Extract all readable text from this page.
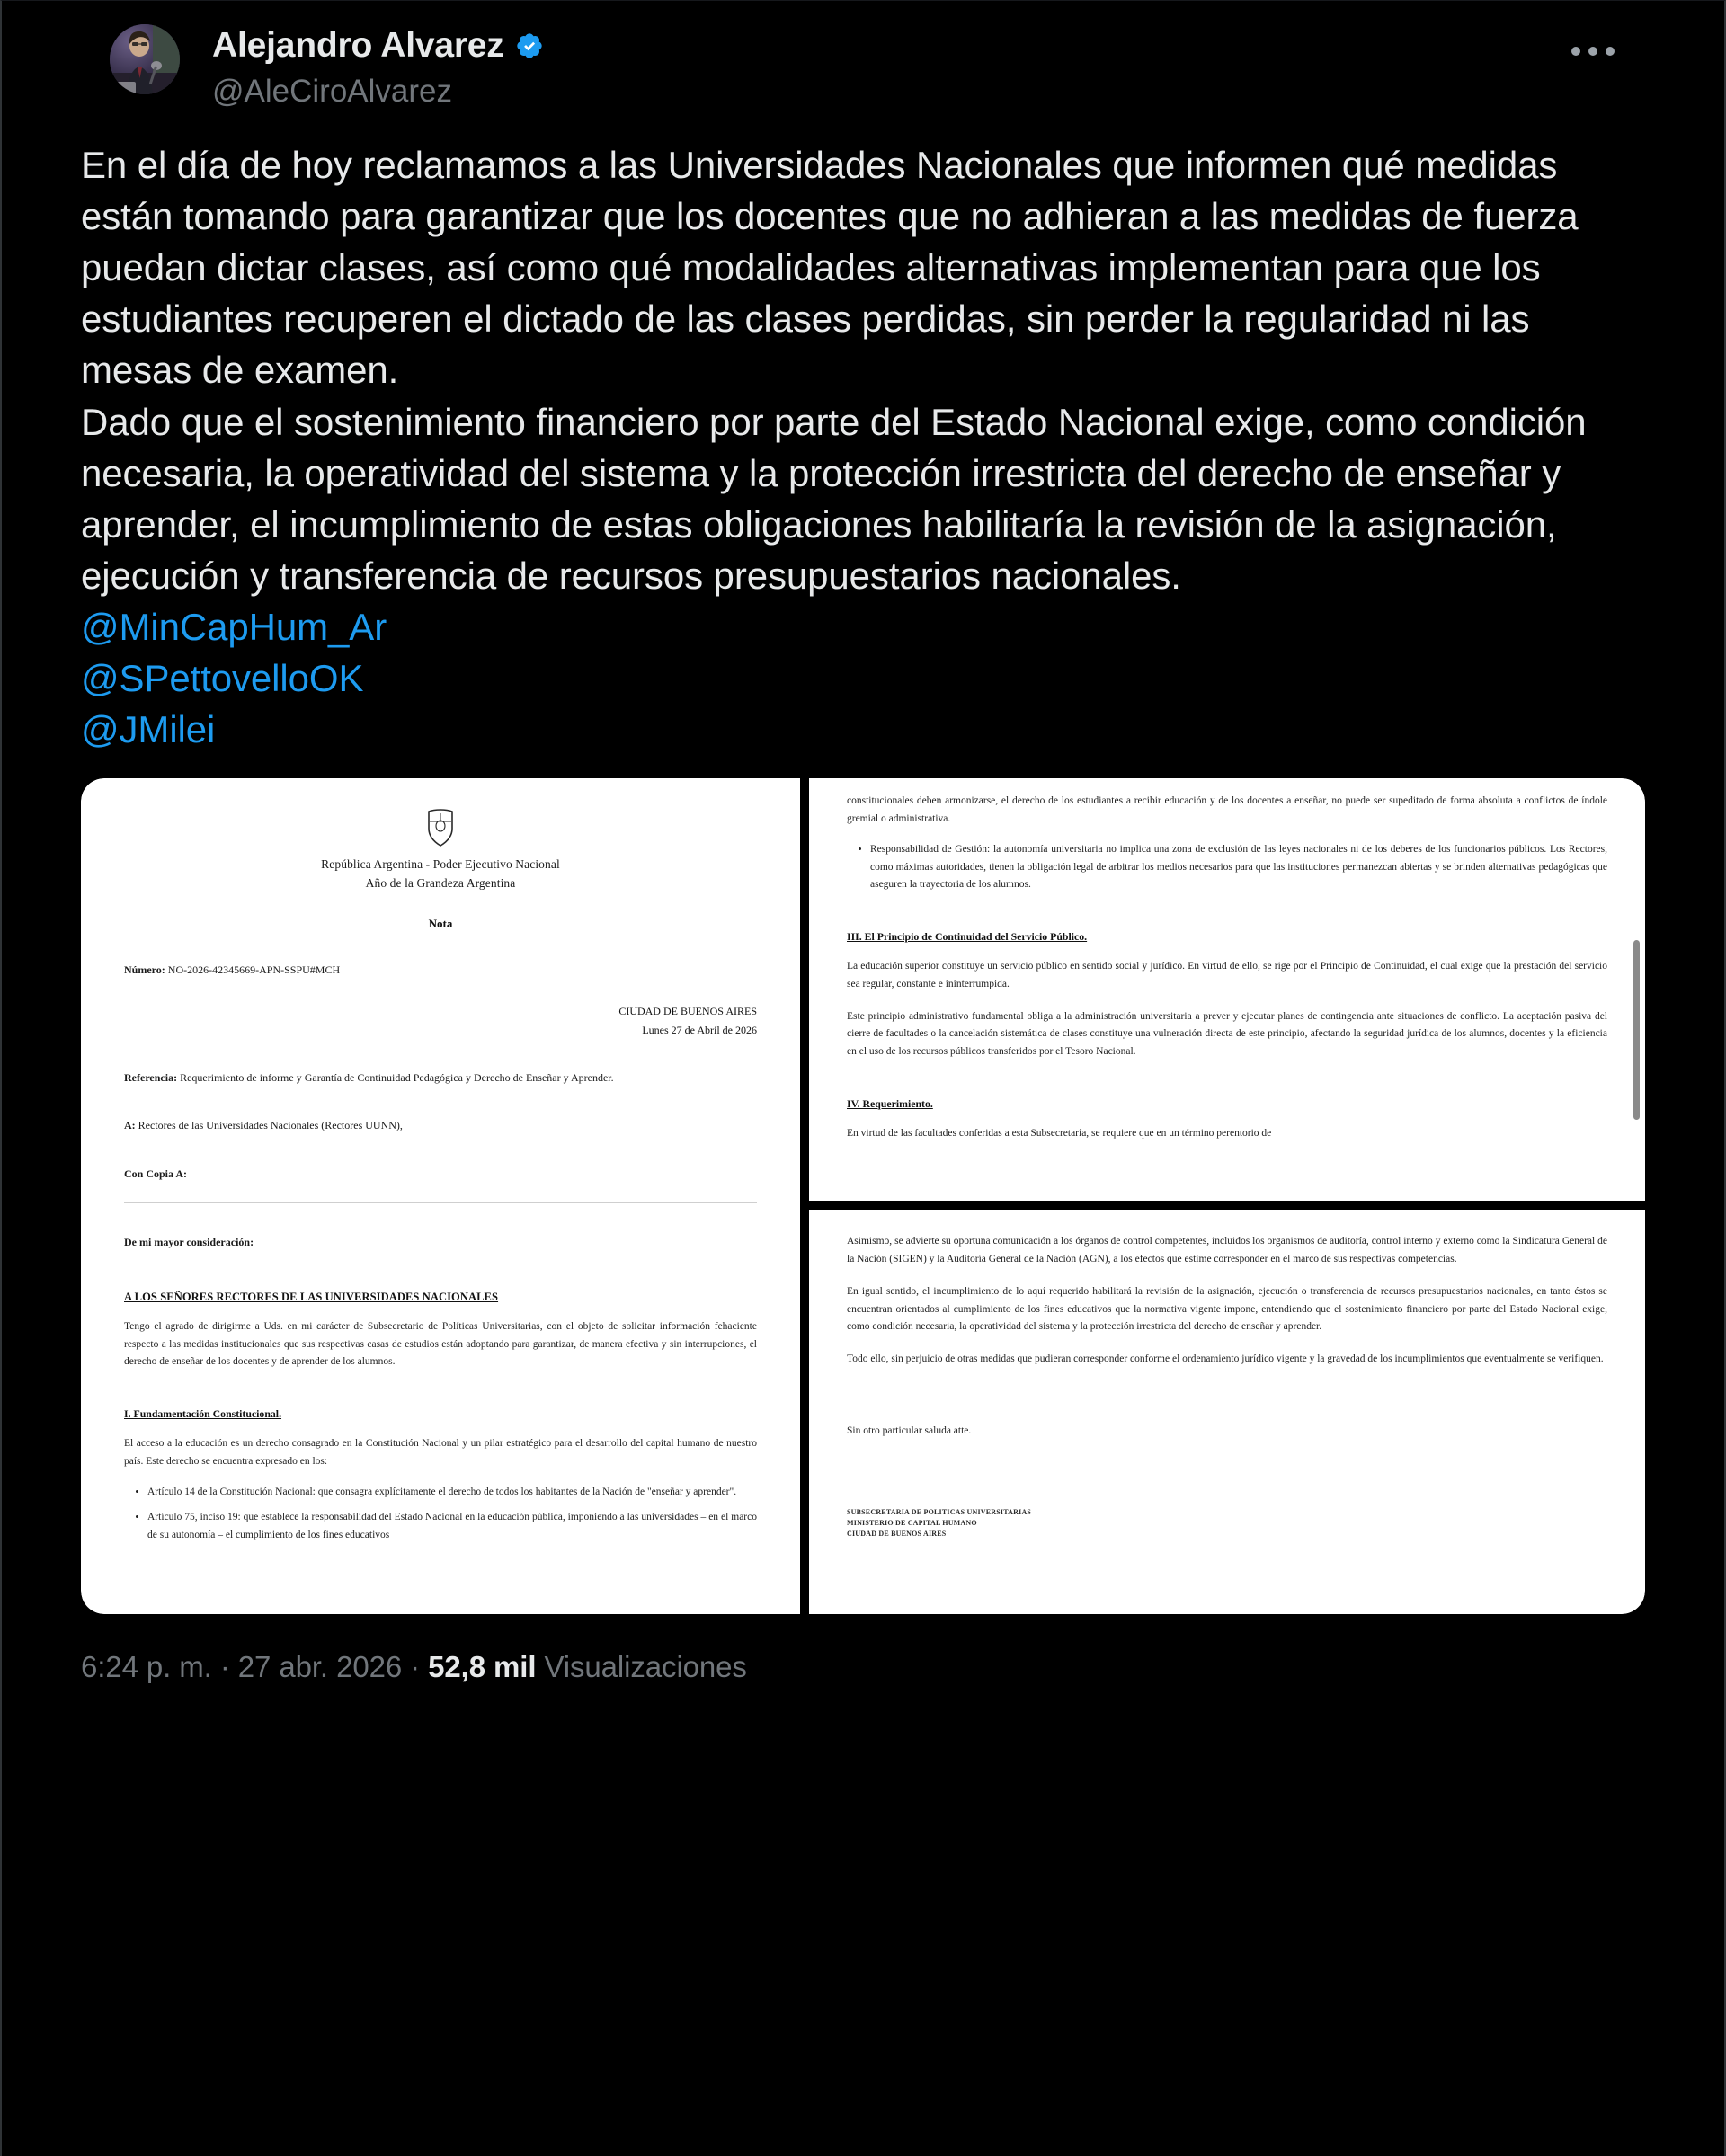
Alejandro Alvarez
@AleCiroAlvarez

En el día de hoy reclamamos a las Universidades Nacionales que informen qué medidas están tomando para garantizar que los docentes que no adhieran a las medidas de fuerza puedan dictar clases, así como qué modalidades alternativas implementan para que los estudiantes recuperen el dictado de las clases perdidas, sin perder la regularidad ni las mesas de examen.

Dado que el sostenimiento financiero por parte del Estado Nacional exige, como condición necesaria, la operatividad del sistema y la protección irrestricta del derecho de enseñar y aprender, el incumplimiento de estas obligaciones habilitaría la revisión de la asignación, ejecución y transferencia de recursos presupuestarios nacionales.

@MinCapHum_Ar
@SPettovelloOK
@JMilei
República Argentina - Poder Ejecutivo Nacional
Año de la Grandeza Argentina
Nota
Número: NO-2026-42345669-APN-SSPU#MCH
CIUDAD DE BUENOS AIRES
Lunes 27 de Abril de 2026
Referencia: Requerimiento de informe y Garantía de Continuidad Pedagógica y Derecho de Enseñar y Aprender.
A: Rectores de las Universidades Nacionales (Rectores UUNN),
Con Copia A:
De mi mayor consideración:
A LOS SEÑORES RECTORES DE LAS UNIVERSIDADES NACIONALES

Tengo el agrado de dirigirme a Uds. en mi carácter de Subsecretario de Políticas Universitarias, con el objeto de solicitar información fehaciente respecto a las medidas institucionales que sus respectivas casas de estudios están adoptando para garantizar, de manera efectiva y sin interrupciones, el derecho de enseñar de los docentes y de aprender de los alumnos.

I. Fundamentación Constitucional.

El acceso a la educación es un derecho consagrado en la Constitución Nacional y un pilar estratégico para el desarrollo del capital humano de nuestro país. Este derecho se encuentra expresado en los:

• Artículo 14 de la Constitución Nacional: que consagra explícitamente el derecho de todos los habitantes de la Nación de "enseñar y aprender".
• Artículo 75, inciso 19: que establece la responsabilidad del Estado Nacional en la educación pública, imponiendo a las universidades – en el marco de su autonomía – el cumplimiento de los fines educativos

constitucionales deben armonizarse, el derecho de los estudiantes a recibir educación y de los docentes a enseñar, no puede ser supeditado de forma absoluta a conflictos de índole gremial o administrativa.

• Responsabilidad de Gestión: la autonomía universitaria no implica una zona de exclusión de las leyes nacionales ni de los deberes de los funcionarios públicos. Los Rectores, como máximas autoridades, tienen la obligación legal de arbitrar los medios necesarios para que las instituciones permanezcan abiertas y se brinden alternativas pedagógicas que aseguren la trayectoria de los alumnos.
III. El Principio de Continuidad del Servicio Público.

La educación superior constituye un servicio público en sentido social y jurídico. En virtud de ello, se rige por el Principio de Continuidad, el cual exige que la prestación del servicio sea regular, constante e ininterrumpida.

Este principio administrativo fundamental obliga a la administración universitaria a prever y ejecutar planes de contingencia ante situaciones de conflicto. La aceptación pasiva del cierre de facultades o la cancelación sistemática de clases constituye una vulneración directa de este principio, afectando la seguridad jurídica de los alumnos, docentes y la eficiencia en el uso de los recursos públicos transferidos por el Tesoro Nacional.

IV. Requerimiento.

En virtud de las facultades conferidas a esta Subsecretaría, se requiere que en un término perentorio de

Asimismo, se advierte su oportuna comunicación a los órganos de control competentes, incluidos los organismos de auditoría, control interno y externo como la Sindicatura General de la Nación (SIGEN) y la Auditoría General de la Nación (AGN), a los efectos que estime corresponder en el marco de sus respectivas competencias.

En igual sentido, el incumplimiento de lo aquí requerido habilitará la revisión de la asignación, ejecución o transferencia de recursos presupuestarios nacionales, en tanto éstos se encuentran orientados al cumplimiento de los fines educativos que la normativa vigente impone, entendiendo que el sostenimiento financiero por parte del Estado Nacional exige, como condición necesaria, la operatividad del sistema y la protección irrestricta del derecho de enseñar y aprender.

Todo ello, sin perjuicio de otras medidas que pudieran corresponder conforme el ordenamiento jurídico vigente y la gravedad de los incumplimientos que eventualmente se verifiquen.

Sin otro particular saluda atte.

SUBSECRETARIA DE POLITICAS UNIVERSITARIAS
MINISTERIO DE CAPITAL HUMANO
CIUDAD DE BUENOS AIRES
6:24 p. m. · 27 abr. 2026 · 52,8 mil Visualizaciones
